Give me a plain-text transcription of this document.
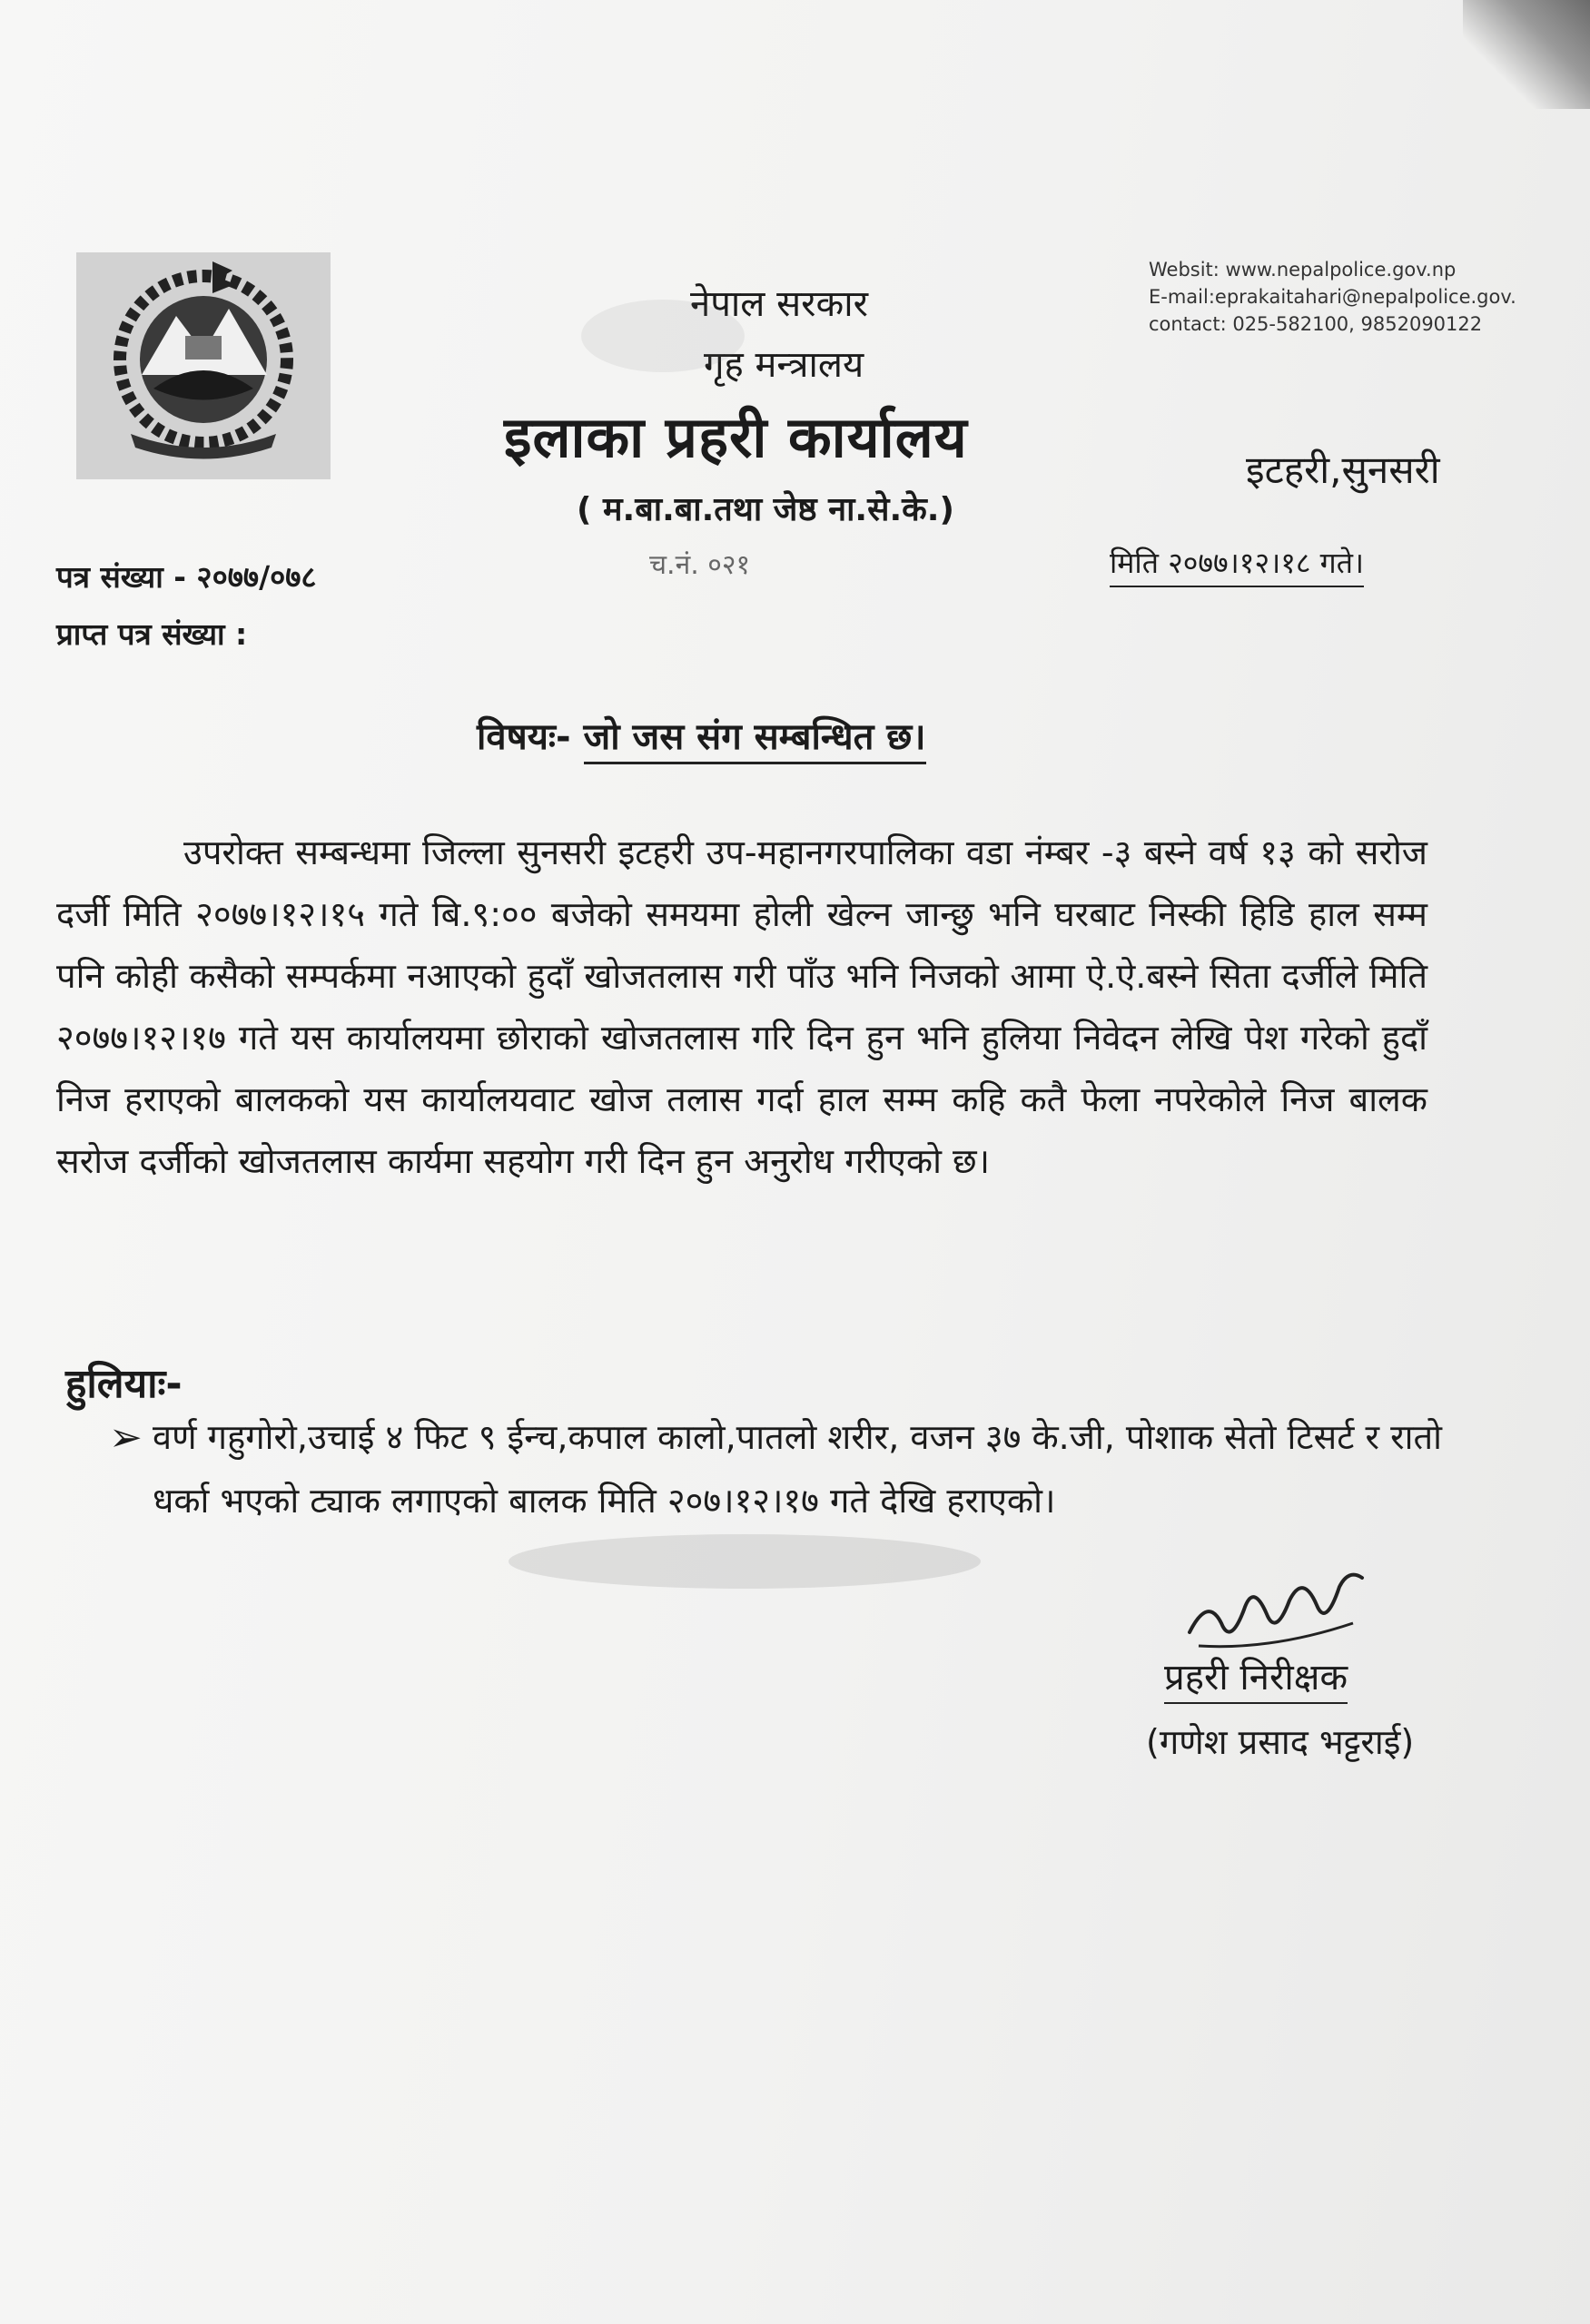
नेपाल सरकार
गृह मन्त्रालय
इलाका प्रहरी कार्यालय
( म.बा.बा.तथा जेष्ठ ना.से.के.)
च.नं. ०२१
Websit: www.nepalpolice.gov.np
E-mail:eprakaitahari@nepalpolice.gov.
contact: 025-582100, 9852090122
इटहरी,सुनसरी
मिति २०७७।१२।१८ गते।
पत्र संख्या - २०७७/०७८
प्राप्त पत्र संख्या :
विषयः- जो जस संग सम्बन्धित छ।
उपरोक्त सम्बन्धमा जिल्ला सुनसरी इटहरी उप-महानगरपालिका वडा नंम्बर -३ बस्ने वर्ष १३ को सरोज दर्जी मिति २०७७।१२।१५ गते बि.९:०० बजेको समयमा होली खेल्न जान्छु भनि घरबाट निस्की हिडि हाल सम्म पनि कोही कसैको सम्पर्कमा नआएको हुदाँ खोजतलास गरी पाँउ भनि निजको आमा ऐ.ऐ.बस्ने सिता दर्जीले मिति २०७७।१२।१७ गते यस कार्यालयमा छोराको खोजतलास गरि दिन हुन भनि हुलिया निवेदन लेखि पेश गरेको हुदाँ निज हराएको बालकको यस कार्यालयवाट खोज तलास गर्दा हाल सम्म कहि कतै फेला नपरेकोले निज बालक सरोज दर्जीको खोजतलास कार्यमा सहयोग गरी दिन हुन अनुरोध गरीएको छ।
हुलियाः-
➢ वर्ण गहुगोरो,उचाई ४ फिट ९ ईन्च,कपाल कालो,पातलो शरीर, वजन ३७ के.जी, पोशाक सेतो टिसर्ट र रातो धर्का भएको ट्याक लगाएको बालक मिति २०७।१२।१७ गते देखि हराएको।
प्रहरी निरीक्षक
(गणेश प्रसाद भट्टराई)
